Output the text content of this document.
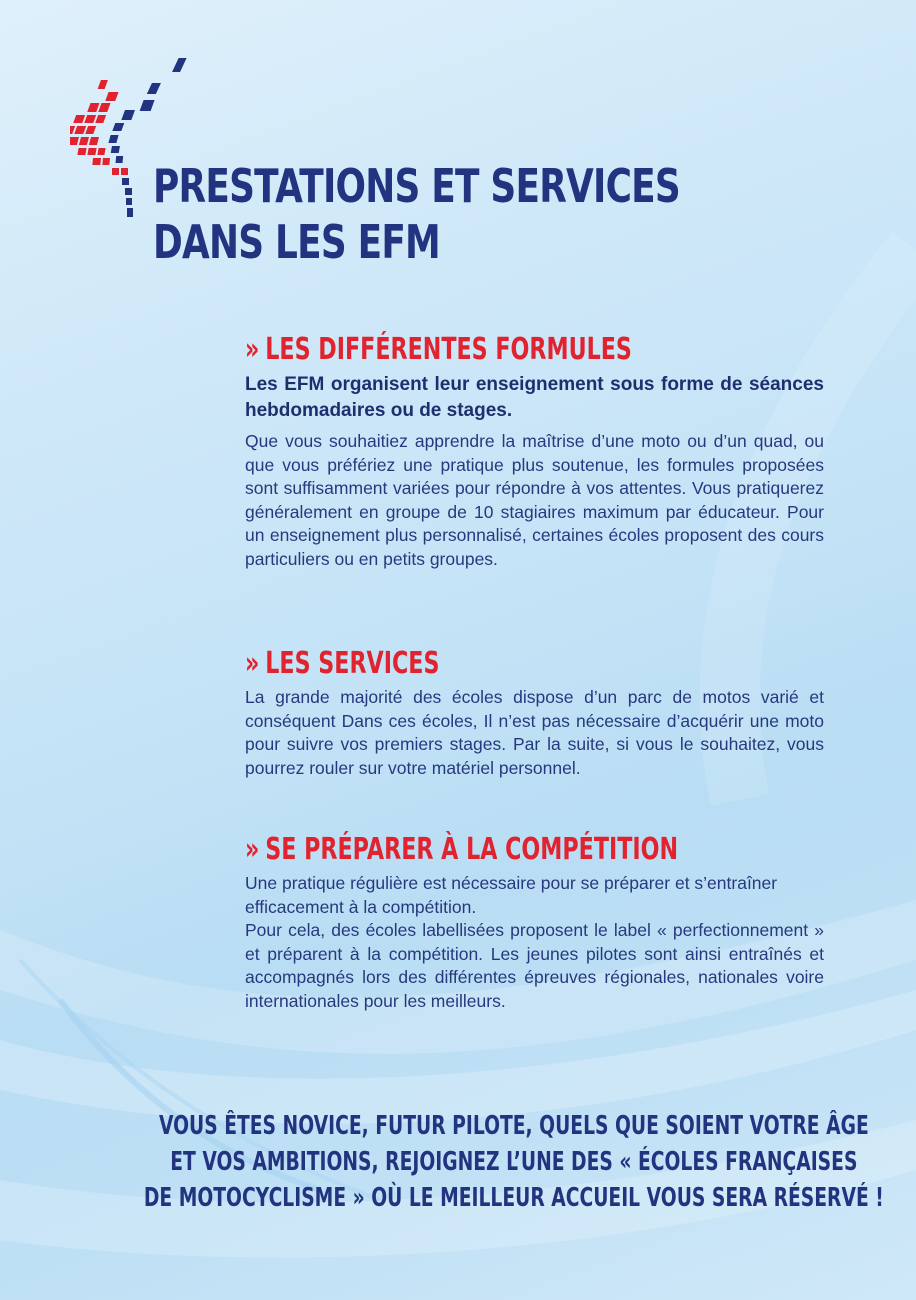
PRESTATIONS ET SERVICES
DANS LES EFM
» LES DIFFÉRENTES FORMULES

Les EFM organisent leur enseignement sous forme de séances hebdomadaires ou de stages.

Que vous souhaitiez apprendre la maîtrise d’une moto ou d’un quad, ou que vous préfériez une pratique plus soutenue, les formules proposées sont suffisamment variées pour répondre à vos attentes. Vous pratiquerez généralement en groupe de 10 stagiaires maximum par éducateur. Pour un enseignement plus personnalisé, certaines écoles proposent des cours particuliers ou en petits groupes.

» LES SERVICES

La grande majorité des écoles dispose d’un parc de motos varié et conséquent Dans ces écoles, Il n’est pas nécessaire d’acquérir une moto pour suivre vos premiers stages. Par la suite, si vous le souhaitez, vous pourrez rouler sur votre matériel personnel.

» SE PRÉPARER À LA COMPÉTITION

Une pratique régulière est nécessaire pour se préparer et s’entraîner efficacement à la compétition.

Pour cela, des écoles labellisées proposent le label « perfectionnement » et préparent à la compétition. Les jeunes pilotes sont ainsi entraînés et accompagnés lors des différentes épreuves régionales, nationales voire internationales pour les meilleurs.

VOUS ÊTES NOVICE, FUTUR PILOTE, QUELS QUE SOIENT VOTRE ÂGE
ET VOS AMBITIONS, REJOIGNEZ L’UNE DES « ÉCOLES FRANÇAISES
DE MOTOCYCLISME » OÙ LE MEILLEUR ACCUEIL VOUS SERA RÉSERVÉ !
